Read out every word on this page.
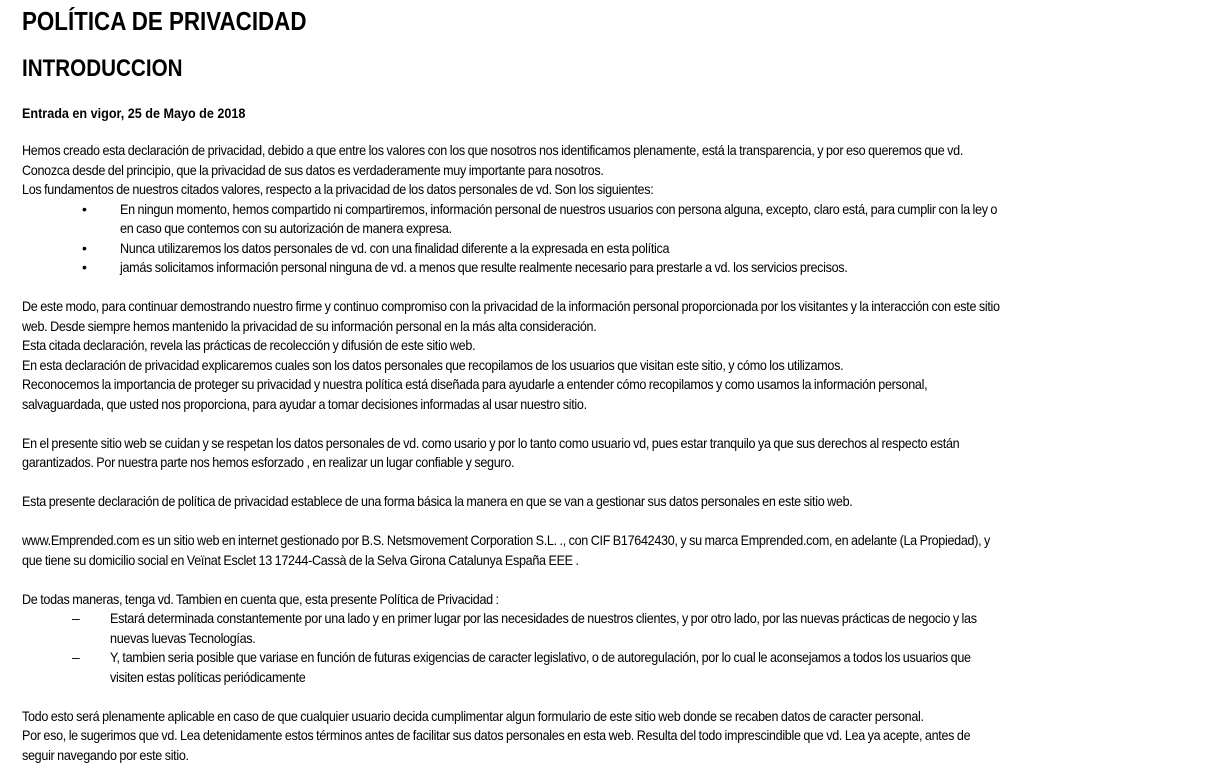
POLÍTICA DE PRIVACIDAD
INTRODUCCION
Entrada en vigor, 25 de Mayo de 2018

Hemos creado esta declaración de privacidad, debido a que entre los valores con los que nosotros nos identificamos plenamente, está la transparencia, y por eso queremos que vd.

Conozca desde del principio, que la privacidad de sus datos es verdaderamente muy importante para nosotros.

Los fundamentos de nuestros citados valores, respecto a la privacidad de los datos personales de vd. Son los siguientes:

• En ningun momento, hemos compartido ni compartiremos, información personal de nuestros usuarios con persona alguna, excepto, claro está, para cumplir con la ley o
en caso que contemos con su autorización de manera expresa.
• Nunca utilizaremos los datos personales de vd. con una finalidad diferente a la expresada en esta política
• jamás solicitamos información personal ninguna de vd. a menos que resulte realmente necesario para prestarle a vd. los servicios precisos.

De este modo, para continuar demostrando nuestro firme y continuo compromiso con la privacidad de la información personal proporcionada por los visitantes y la interacción con este sitio

web. Desde siempre hemos mantenido la privacidad de su información personal en la más alta consideración.

Esta citada declaración, revela las prácticas de recolección y difusión de este sitio web.

En esta declaración de privacidad explicaremos cuales son los datos personales que recopilamos de los usuarios que visitan este sitio, y cómo los utilizamos.

Reconocemos la importancia de proteger su privacidad y nuestra política está diseñada para ayudarle a entender cómo recopilamos y como usamos la información personal,

salvaguardada, que usted nos proporciona, para ayudar a tomar decisiones informadas al usar nuestro sitio.

En el presente sitio web se cuidan y se respetan los datos personales de vd. como usario y por lo tanto como usuario vd, pues estar tranquilo ya que sus derechos al respecto están

garantizados. Por nuestra parte nos hemos esforzado , en realizar un lugar confiable y seguro.

Esta presente declaración de política de privacidad establece de una forma básica la manera en que se van a gestionar sus datos personales en este sitio web.

www.Emprended.com es un sitio web en internet gestionado por B.S. Netsmovement Corporation S.L. ., con CIF B17642430, y su marca Emprended.com, en adelante (La Propiedad), y

que tiene su domicilio social en Veïnat Esclet 13 17244-Cassà de la Selva Girona Catalunya España EEE .

De todas maneras, tenga vd. Tambien en cuenta que, esta presente Política de Privacidad :

– Estará determinada constantemente por una lado y en primer lugar por las necesidades de nuestros clientes, y por otro lado, por las nuevas prácticas de negocio y las
nuevas luevas Tecnologías.
– Y, tambien seria posible que variase en función de futuras exigencias de caracter legislativo, o de autoregulación, por lo cual le aconsejamos a todos los usuarios que
visiten estas políticas periódicamente

Todo esto será plenamente aplicable en caso de que cualquier usuario decida cumplimentar algun formulario de este sitio web donde se recaben datos de caracter personal.

Por eso, le sugerimos que vd. Lea detenidamente estos términos antes de facilitar sus datos personales en esta web. Resulta del todo imprescindible que vd. Lea ya acepte, antes de

seguir navegando por este sitio.
